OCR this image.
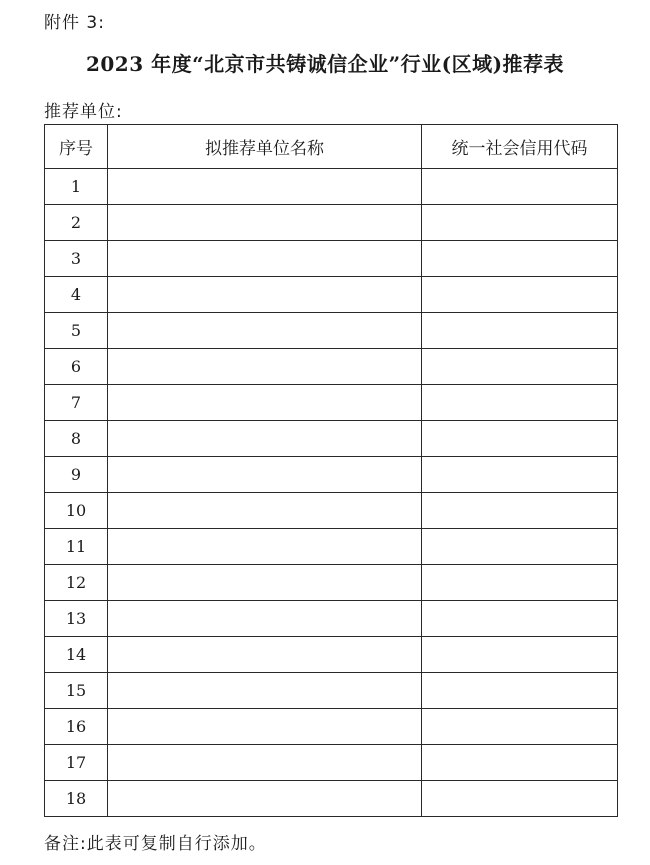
附件 3:
2023 年度“北京市共铸诚信企业”行业(区域)推荐表
推荐单位:
序号	拟推荐单位名称	统一社会信用代码
1		
2		
3		
4		
5		
6		
7		
8		
9		
10		
11		
12		
13		
14		
15		
16		
17		
18		
备注:此表可复制自行添加。
